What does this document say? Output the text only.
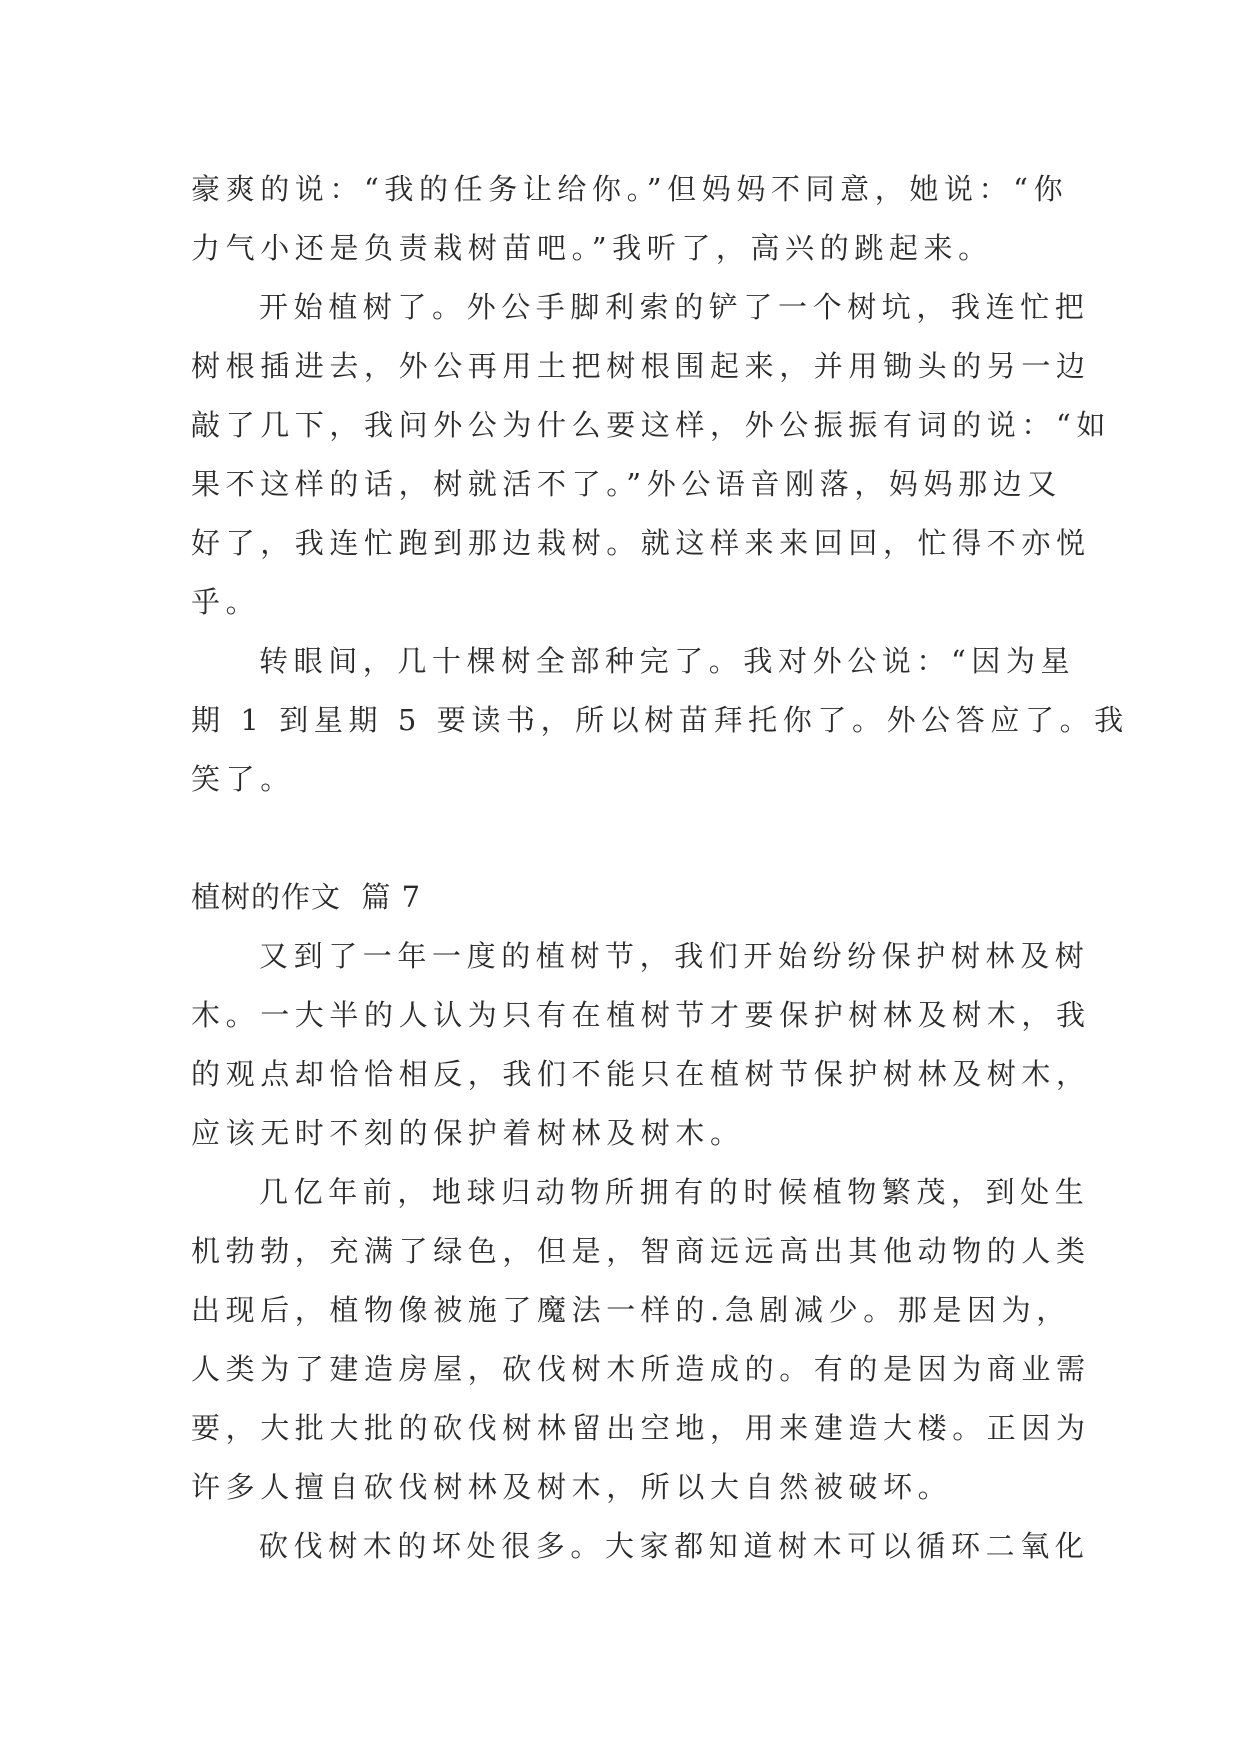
豪爽的说：“我的任务让给你。”但妈妈不同意，她说：“你
力气小还是负责栽树苗吧。”我听了，高兴的跳起来。
开始植树了。外公手脚利索的铲了一个树坑，我连忙把
树根插进去，外公再用土把树根围起来，并用锄头的另一边
敲了几下，我问外公为什么要这样，外公振振有词的说：“如
果不这样的话，树就活不了。”外公语音刚落，妈妈那边又
好了，我连忙跑到那边栽树。就这样来来回回，忙得不亦悦
乎。
转眼间，几十棵树全部种完了。我对外公说：“因为星
期 1 到星期 5 要读书，所以树苗拜托你了。外公答应了。我
笑了。
植树的作文  篇 7
又到了一年一度的植树节，我们开始纷纷保护树林及树
木。一大半的人认为只有在植树节才要保护树林及树木，我
的观点却恰恰相反，我们不能只在植树节保护树林及树木，
应该无时不刻的保护着树林及树木。
几亿年前，地球归动物所拥有的时候植物繁茂，到处生
机勃勃，充满了绿色，但是，智商远远高出其他动物的人类
出现后，植物像被施了魔法一样的.急剧减少。那是因为，
人类为了建造房屋，砍伐树木所造成的。有的是因为商业需
要，大批大批的砍伐树林留出空地，用来建造大楼。正因为
许多人擅自砍伐树林及树木，所以大自然被破坏。
砍伐树木的坏处很多。大家都知道树木可以循环二氧化
